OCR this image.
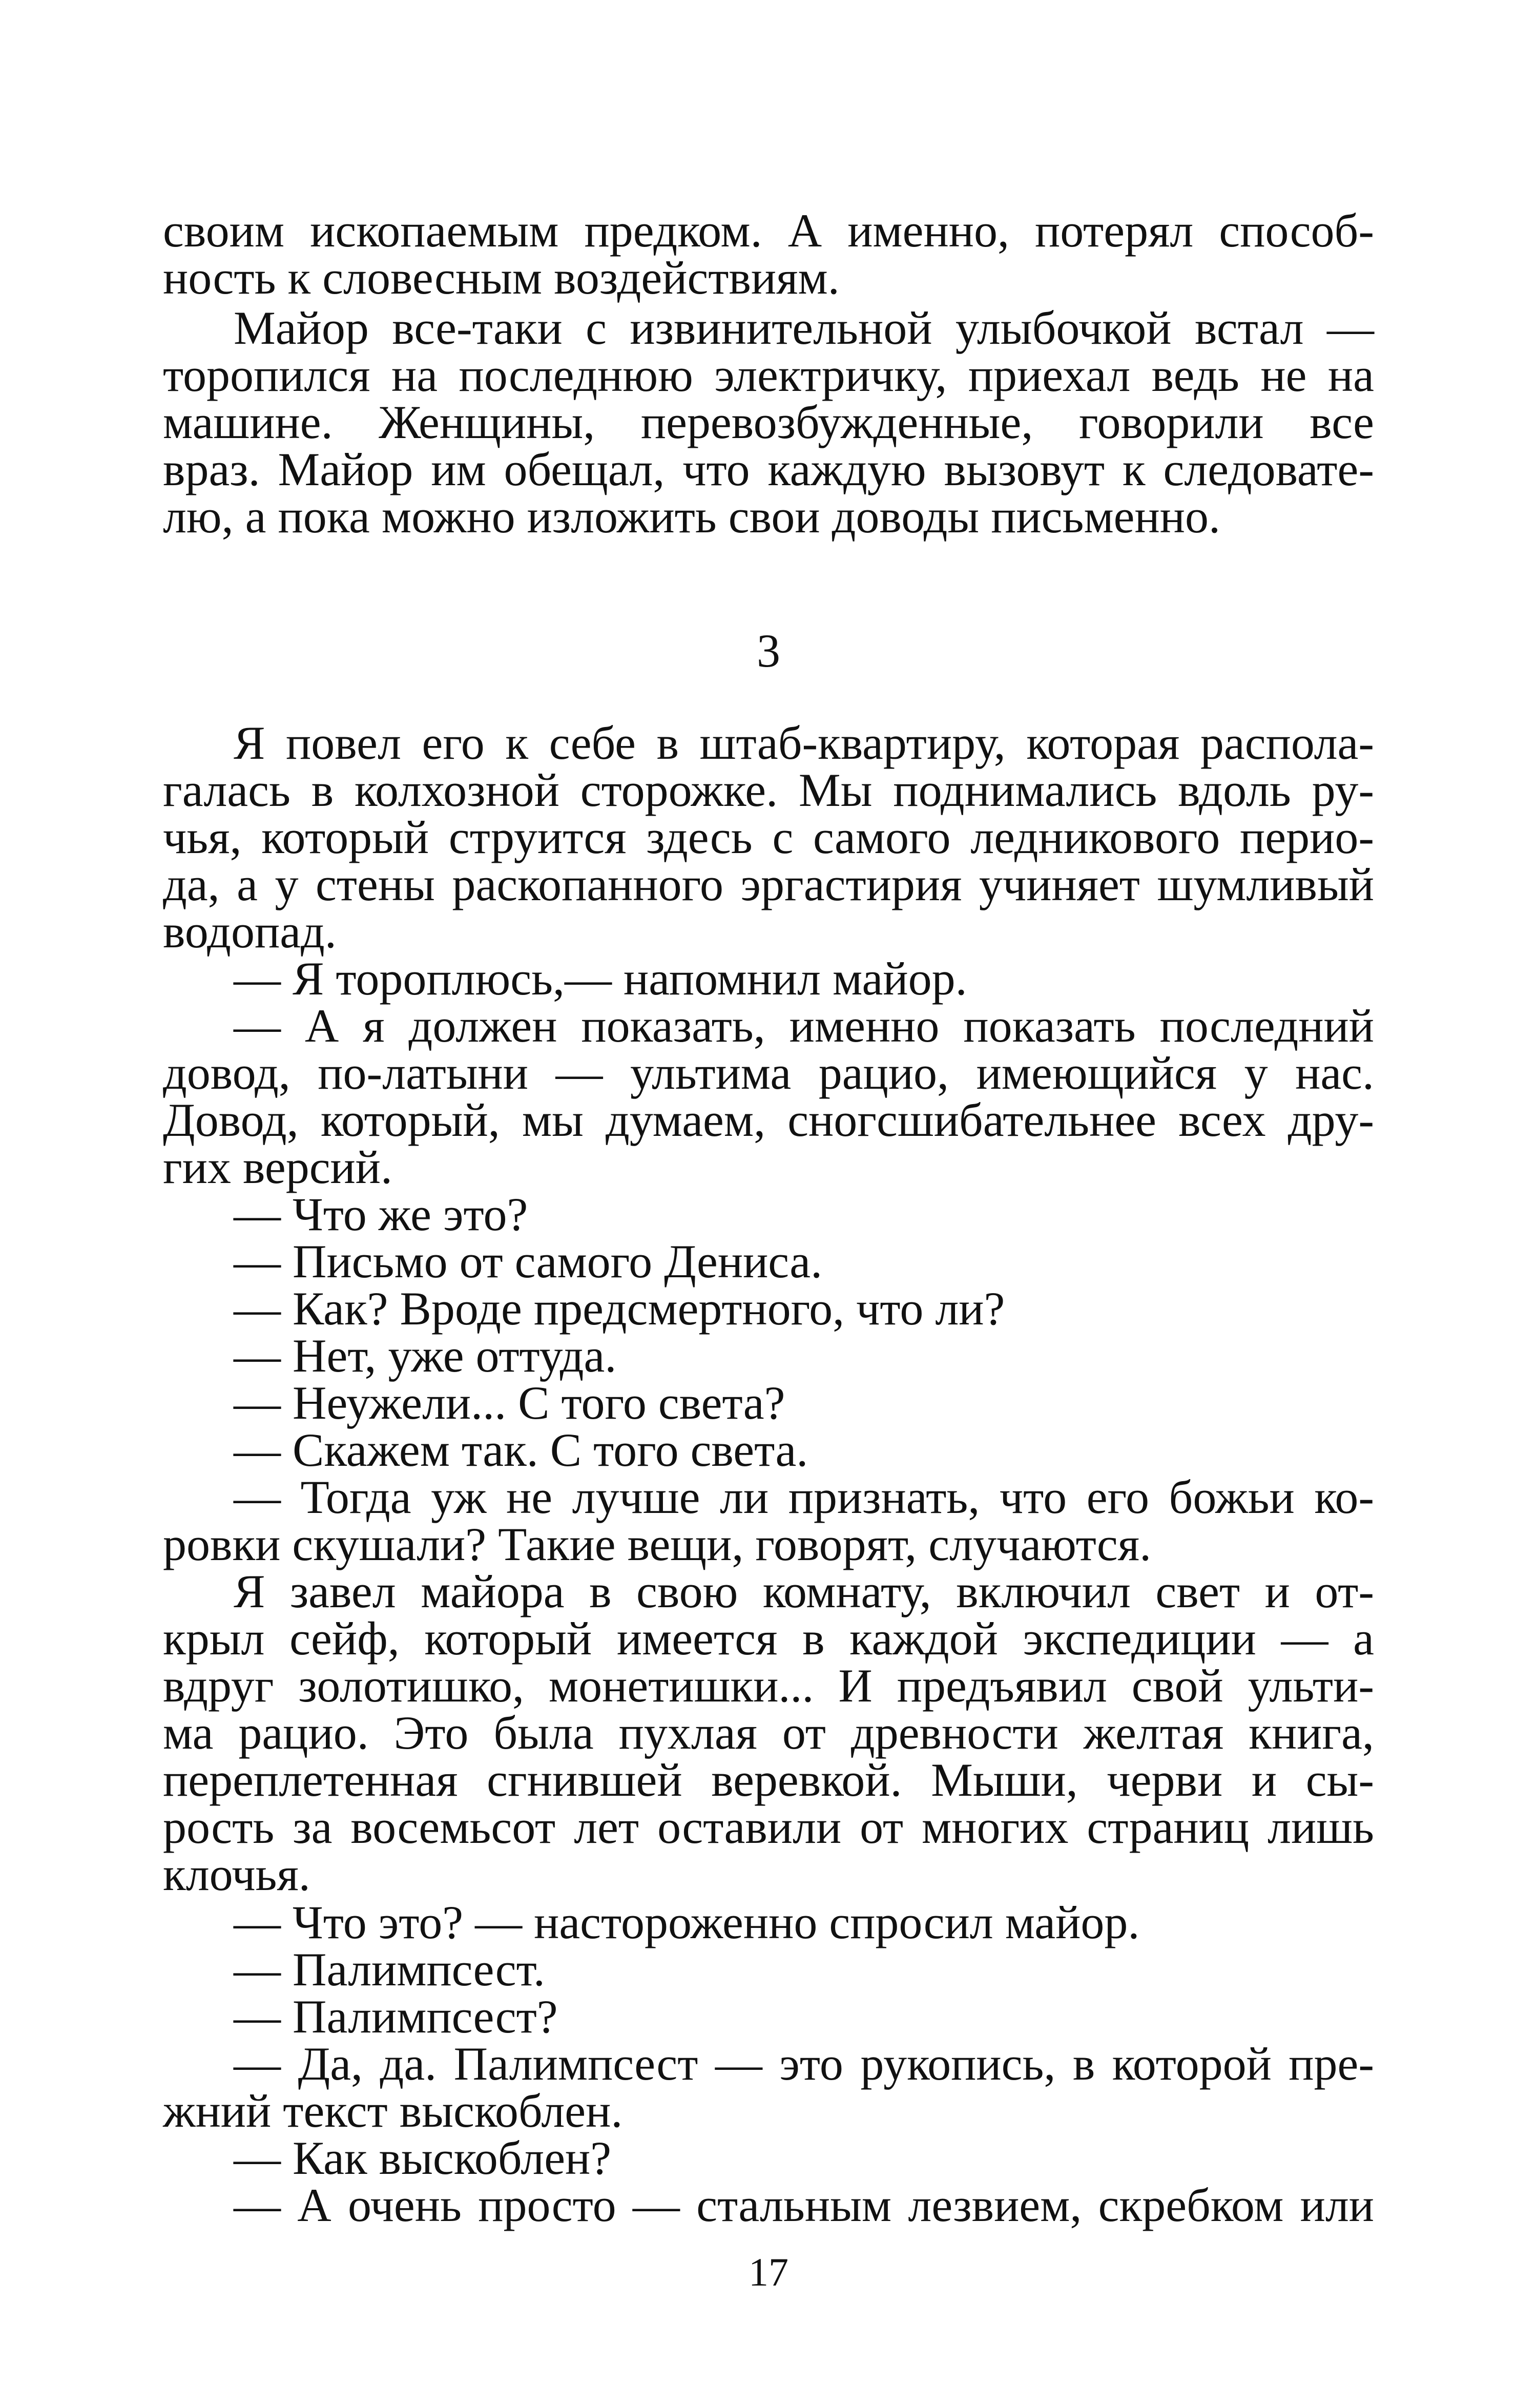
своим ископаемым предком. А именно, потерял способ-

ность к словесным воздействиям.

Майор все-таки с извинительной улыбочкой встал —

торопился на последнюю электричку, приехал ведь не на

машине. Женщины, перевозбужденные, говорили все

враз. Майор им обещал, что каждую вызовут к следовате-

лю, а пока можно изложить свои доводы письменно.

3

Я повел его к себе в штаб-квартиру, которая распола-

галась в колхозной сторожке. Мы поднимались вдоль ру-

чья, который струится здесь с самого ледникового перио-

да, а у стены раскопанного эргастирия учиняет шумливый

водопад.

— Я тороплюсь,— напомнил майор.

— А я должен показать, именно показать последний

довод, по-латыни — ультима рацио, имеющийся у нас.

Довод, который, мы думаем, сногсшибательнее всех дру-

гих версий.

— Что же это?

— Письмо от самого Дениса.

— Как? Вроде предсмертного, что ли?

— Нет, уже оттуда.

— Неужели... С того света?

— Скажем так. С того света.

— Тогда уж не лучше ли признать, что его божьи ко-

ровки скушали? Такие вещи, говорят, случаются.

Я завел майора в свою комнату, включил свет и от-

крыл сейф, который имеется в каждой экспедиции — а

вдруг золотишко, монетишки... И предъявил свой ульти-

ма рацио. Это была пухлая от древности желтая книга,

переплетенная сгнившей веревкой. Мыши, черви и сы-

рость за восемьсот лет оставили от многих страниц лишь

клочья.

— Что это? — настороженно спросил майор.

— Палимпсест.

— Палимпсест?

— Да, да. Палимпсест — это рукопись, в которой пре-

жний текст выскоблен.

— Как выскоблен?

— А очень просто — стальным лезвием, скребком или

17
